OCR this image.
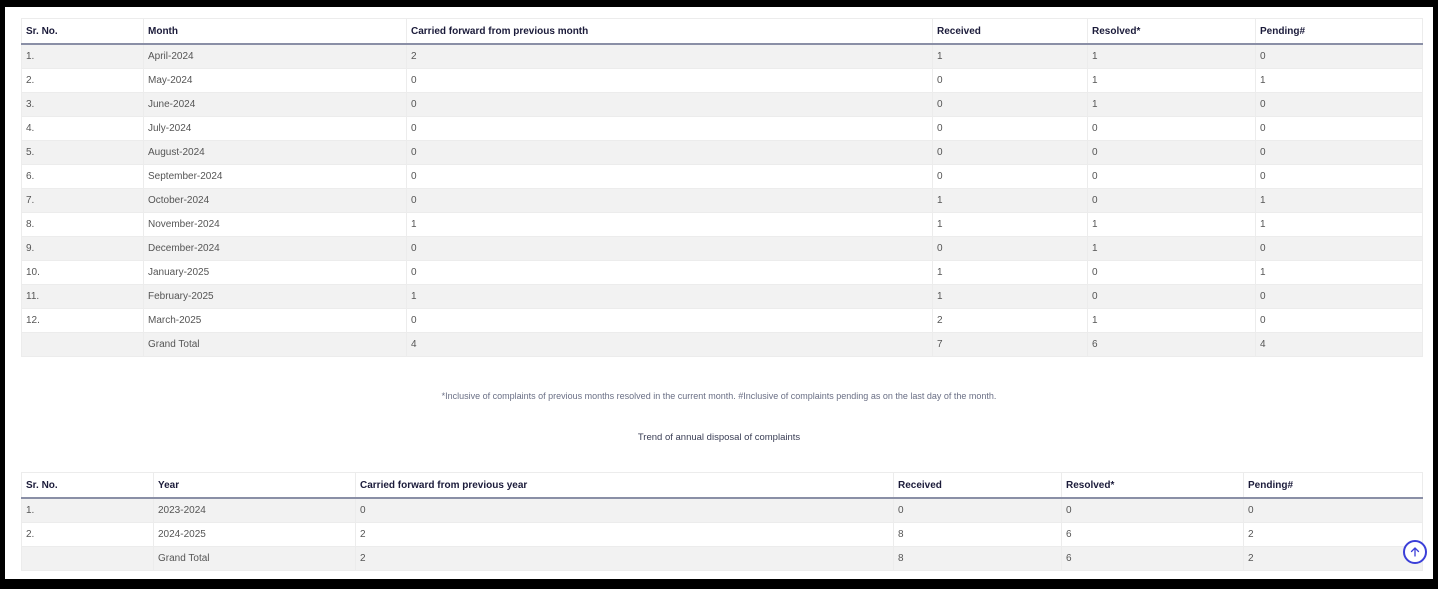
Sr. No.	Month	Carried forward from previous month	Received	Resolved*	Pending#
1.	April-2024	2	1	1	0
2.	May-2024	0	0	1	1
3.	June-2024	0	0	1	0
4.	July-2024	0	0	0	0
5.	August-2024	0	0	0	0
6.	September-2024	0	0	0	0
7.	October-2024	0	1	0	1
8.	November-2024	1	1	1	1
9.	December-2024	0	0	1	0
10.	January-2025	0	1	0	1
11.	February-2025	1	1	0	0
12.	March-2025	0	2	1	0
	Grand Total	4	7	6	4
*Inclusive of complaints of previous months resolved in the current month. #Inclusive of complaints pending as on the last day of the month.
Trend of annual disposal of complaints
Sr. No.	Year	Carried forward from previous year	Received	Resolved*	Pending#
1.	2023-2024	0	0	0	0
2.	2024-2025	2	8	6	2
	Grand Total	2	8	6	2
